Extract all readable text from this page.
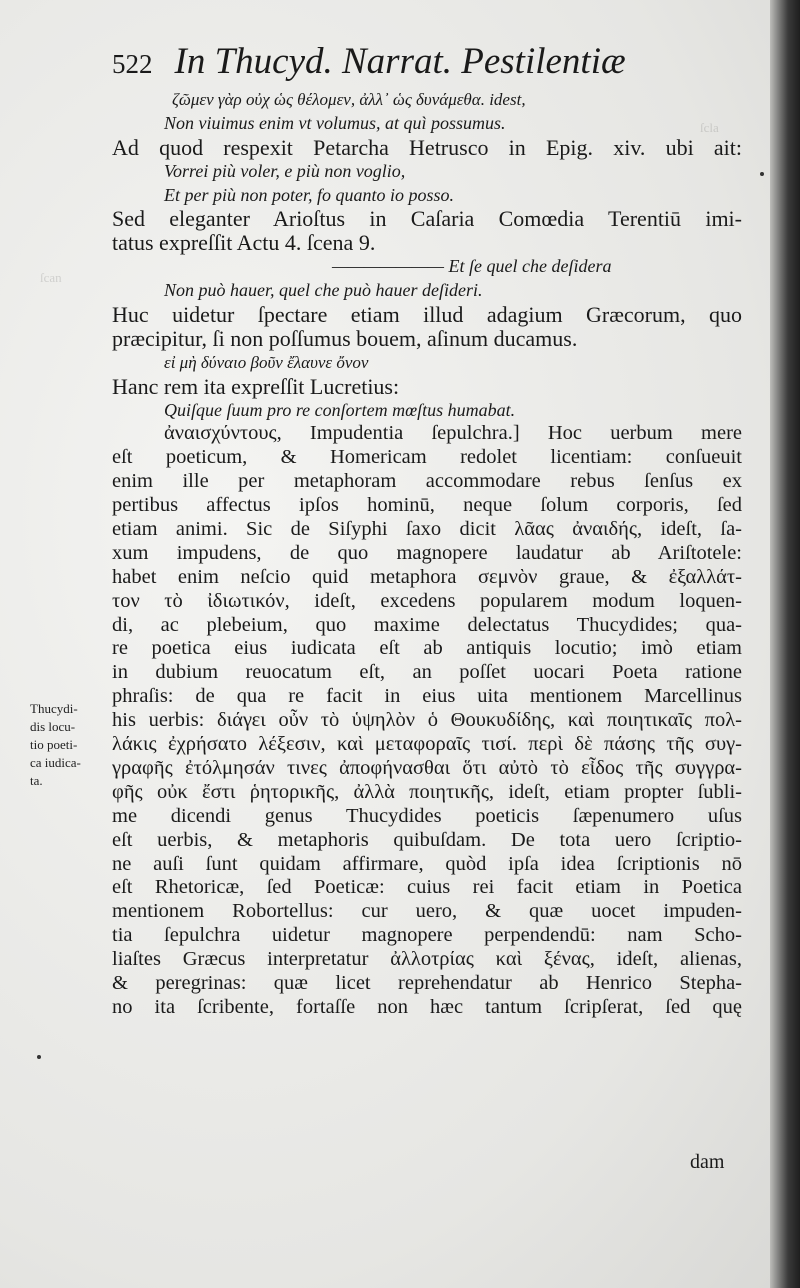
ſcla
ſcan
522 In Thucyd. Narrat. Pestilentiæ
ζῶμεν γὰρ οὐχ ὡς θέλομεν, ἀλλ᾽ ὡς δυνάμεθα. idest,
Non viuimus enim vt volumus, at quì possumus.
Ad quod respexit Petarcha Hetrusco in Epig. xiv. ubi ait:
Vorrei più voler, e più non voglio,
Et per più non poter, fo quanto io posso.
Sed eleganter Arioſtus in Caſaria Comœdia Terentiū imi-
tatus expreſſit Actu 4. ſcena 9.
——————— Et ſe quel che deſidera
Non può hauer, quel che può hauer deſideri.
Huc uidetur ſpectare etiam illud adagium Græcorum, quo
præcipitur, ſi non poſſumus bouem, aſinum ducamus.
εἰ μὴ δύναιο βοῦν ἔλαυνε ὄνον
Hanc rem ita expreſſit Lucretius:
Quiſque ſuum pro re conſortem mœſtus humabat.
ἀναισχύντους, Impudentia ſepulchra.] Hoc uerbum mere
eſt poeticum, & Homericam redolet licentiam: conſueuit
enim ille per metaphoram accommodare rebus ſenſus ex
pertibus affectus ipſos hominū, neque ſolum corporis, ſed
etiam animi. Sic de Siſyphi ſaxo dicit λᾶας ἀναιδής, ideſt, ſa-
xum impudens, de quo magnopere laudatur ab Ariſtotele:
habet enim neſcio quid metaphora σεμνὸν graue, & ἐξαλλάτ-
τον τὸ ἰδιωτικόν, ideſt, excedens popularem modum loquen-
di, ac plebeium, quo maxime delectatus Thucydides; qua-
re poetica eius iudicata eſt ab antiquis locutio; imò etiam
in dubium reuocatum eſt, an poſſet uocari Poeta ratione
phraſis: de qua re facit in eius uita mentionem Marcellinus
his uerbis: διάγει οὖν τὸ ὑψηλὸν ὁ Θουκυδίδης, καὶ ποιητικαῖς πολ-
λάκις ἐχρήσατο λέξεσιν, καὶ μεταφοραῖς τισί. περὶ δὲ πάσης τῆς συγ-
γραφῆς ἐτόλμησάν τινες ἀποφήνασθαι ὅτι αὐτὸ τὸ εἶδος τῆς συγγρα-
φῆς οὐκ ἔστι ῥητορικῆς, ἀλλὰ ποιητικῆς, ideſt, etiam propter ſubli-
me dicendi genus Thucydides poeticis ſæpenumero uſus
eſt uerbis, & metaphoris quibuſdam. De tota uero ſcriptio-
ne auſi ſunt quidam affirmare, quòd ipſa idea ſcriptionis nō
eſt Rhetoricæ, ſed Poeticæ: cuius rei facit etiam in Poetica
mentionem Robortellus: cur uero, & quæ uocet impuden-
tia ſepulchra uidetur magnopere perpendendū: nam Scho-
liaſtes Græcus interpretatur ἀλλοτρίας καὶ ξένας, ideſt, alienas,
& peregrinas: quæ licet reprehendatur ab Henrico Stepha-
no ita ſcribente, fortaſſe non hæc tantum ſcripſerat, ſed quę
Thucydi-
dis locu-
tio poeti-
ca iudica-
ta.
dam
